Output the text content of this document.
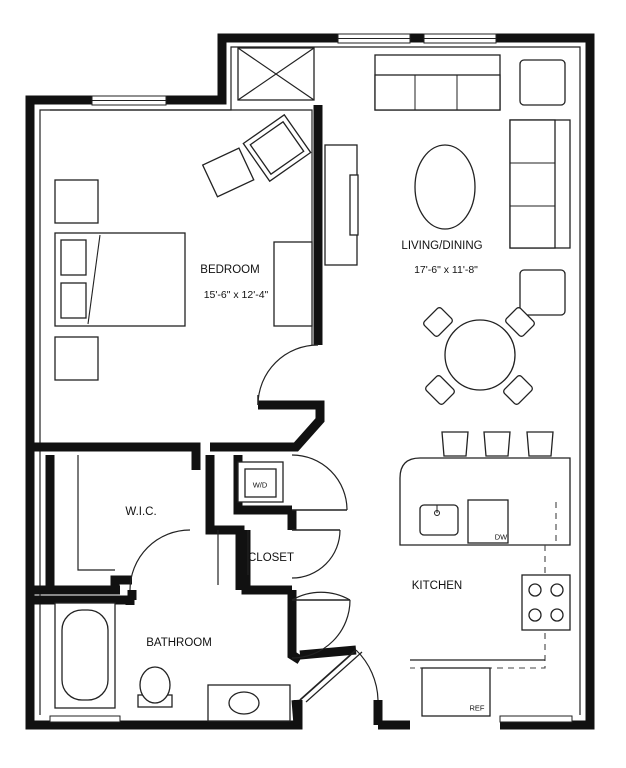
BEDROOM
15'-6" x 12'-4"
LIVING/DINING
17'-6" x 11'-8"
W.I.C.
CLOSET
BATHROOM
KITCHEN
W/D
DW
REF
